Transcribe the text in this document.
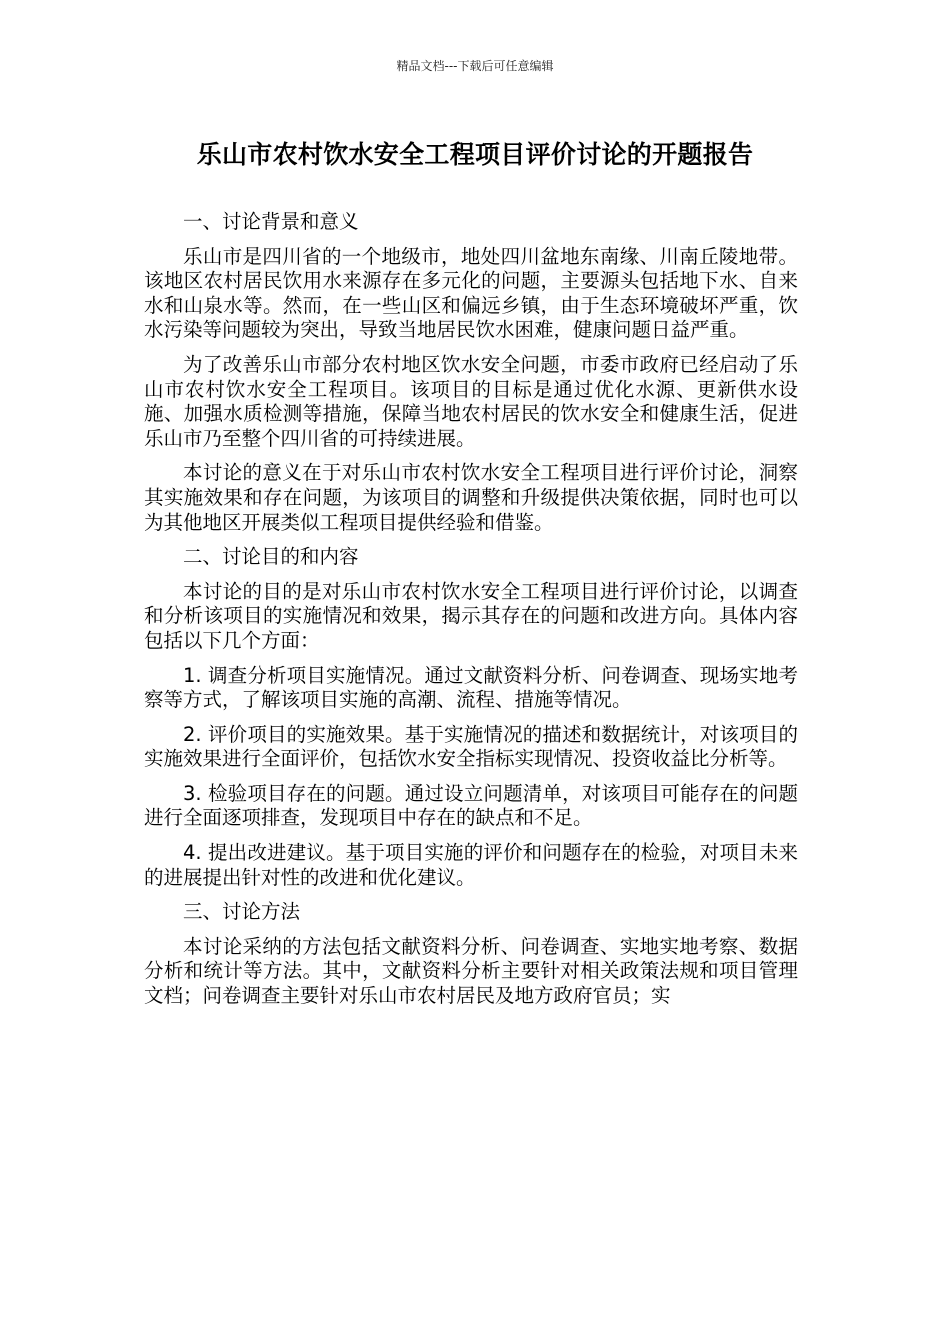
精品文档---下载后可任意编辑
乐山市农村饮水安全工程项目评价讨论的开题报告

一、讨论背景和意义

乐山市是四川省的一个地级市，地处四川盆地东南缘、川南丘陵地带。该地区农村居民饮用水来源存在多元化的问题，主要源头包括地下水、自来水和山泉水等。然而，在一些山区和偏远乡镇，由于生态环境破坏严重，饮水污染等问题较为突出，导致当地居民饮水困难，健康问题日益严重。

为了改善乐山市部分农村地区饮水安全问题，市委市政府已经启动了乐山市农村饮水安全工程项目。该项目的目标是通过优化水源、更新供水设施、加强水质检测等措施，保障当地农村居民的饮水安全和健康生活，促进乐山市乃至整个四川省的可持续进展。

本讨论的意义在于对乐山市农村饮水安全工程项目进行评价讨论，洞察其实施效果和存在问题，为该项目的调整和升级提供决策依据，同时也可以为其他地区开展类似工程项目提供经验和借鉴。

二、讨论目的和内容

本讨论的目的是对乐山市农村饮水安全工程项目进行评价讨论，以调查和分析该项目的实施情况和效果，揭示其存在的问题和改进方向。具体内容包括以下几个方面：

1. 调查分析项目实施情况。通过文献资料分析、问卷调查、现场实地考察等方式，了解该项目实施的高潮、流程、措施等情况。

2. 评价项目的实施效果。基于实施情况的描述和数据统计，对该项目的实施效果进行全面评价，包括饮水安全指标实现情况、投资收益比分析等。

3. 检验项目存在的问题。通过设立问题清单，对该项目可能存在的问题进行全面逐项排查，发现项目中存在的缺点和不足。

4. 提出改进建议。基于项目实施的评价和问题存在的检验，对项目未来的进展提出针对性的改进和优化建议。

三、讨论方法

本讨论采纳的方法包括文献资料分析、问卷调查、实地实地考察、数据分析和统计等方法。其中，文献资料分析主要针对相关政策法规和项目管理文档；问卷调查主要针对乐山市农村居民及地方政府官员；实
